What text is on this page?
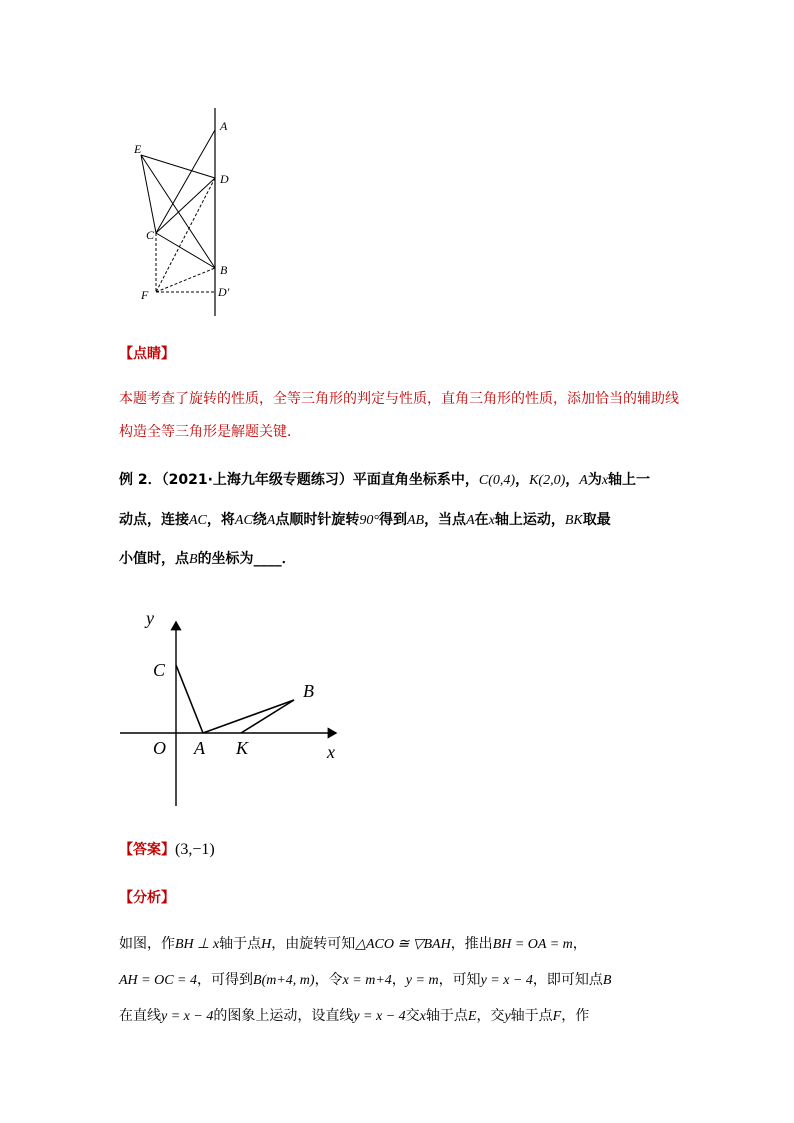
A
D
E
C
B
F	D′
【点睛】
本题考查了旋转的性质，全等三角形的判定与性质，直角三角形的性质，添加恰当的辅助线
构造全等三角形是解题关键．
例 2．（2021·上海九年级专题练习）平面直角坐标系中，C(0,4)，K(2,0)，A为x轴上一
动点，连接AC，将AC绕A点顺时针旋转90°得到AB，当点A在x轴上运动，BK取最
小值时，点B的坐标为____．
y
x
C
O A K
B
【答案】(3,−1)
【分析】
如图，作BH ⊥ x轴于点H，由旋转可知△ACO ≅ ▽BAH，推出BH = OA = m，
AH = OC = 4，可得到B(m+4, m)，令x = m+4，y = m，可知y = x − 4，即可知点B
在直线y = x − 4的图象上运动，设直线y = x − 4交x轴于点E，交y轴于点F，作
